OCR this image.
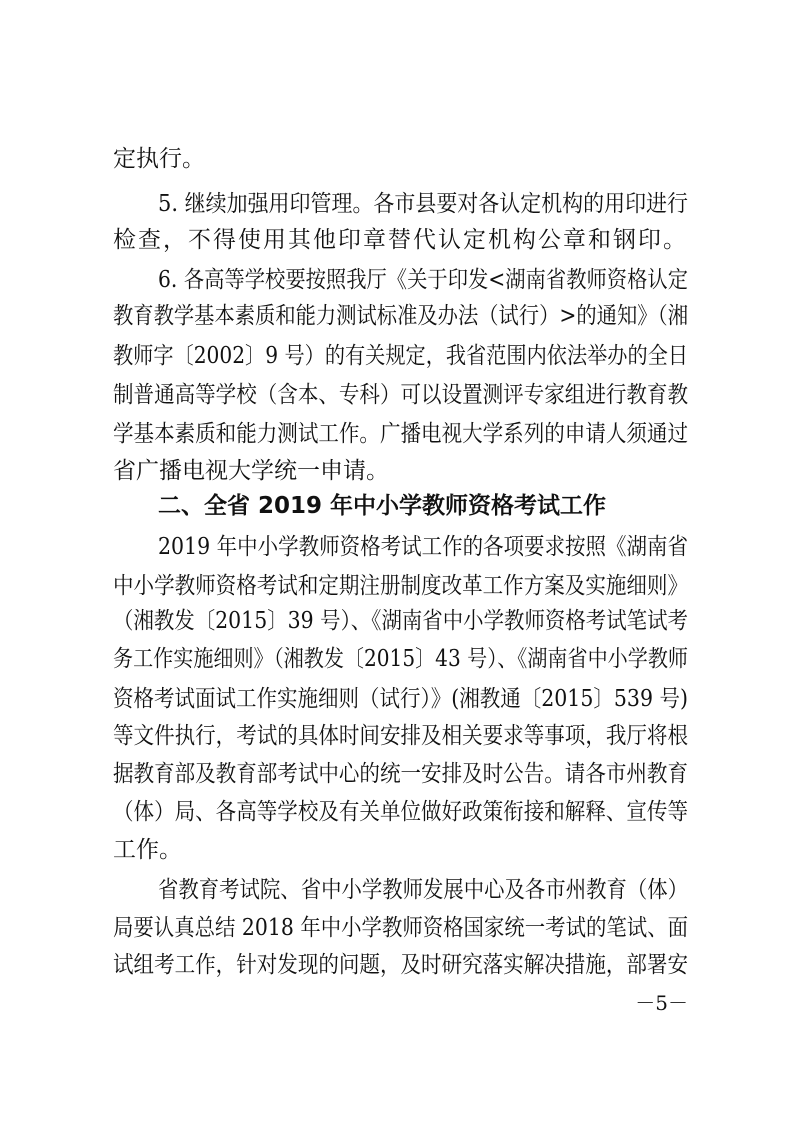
定执行。
5. 继续加强用印管理。各市县要对各认定机构的用印进行
检查，不得使用其他印章替代认定机构公章和钢印。
6. 各高等学校要按照我厅《关于印发<湖南省教师资格认定
教育教学基本素质和能力测试标准及办法（试行）>的通知》（湘
教师字〔2002〕9 号）的有关规定，我省范围内依法举办的全日
制普通高等学校（含本、专科）可以设置测评专家组进行教育教
学基本素质和能力测试工作。广播电视大学系列的申请人须通过
省广播电视大学统一申请。
二、全省 2019 年中小学教师资格考试工作
2019 年中小学教师资格考试工作的各项要求按照《湖南省
中小学教师资格考试和定期注册制度改革工作方案及实施细则》
（湘教发〔2015〕39 号）、《湖南省中小学教师资格考试笔试考
务工作实施细则》（湘教发〔2015〕43 号）、《湖南省中小学教师
资格考试面试工作实施细则（试行）》(湘教通〔2015〕539 号)
等文件执行，考试的具体时间安排及相关要求等事项，我厅将根
据教育部及教育部考试中心的统一安排及时公告。请各市州教育
（体）局、各高等学校及有关单位做好政策衔接和解释、宣传等
工作。
省教育考试院、省中小学教师发展中心及各市州教育（体）
局要认真总结 2018 年中小学教师资格国家统一考试的笔试、面
试组考工作，针对发现的问题，及时研究落实解决措施，部署安
－5－
